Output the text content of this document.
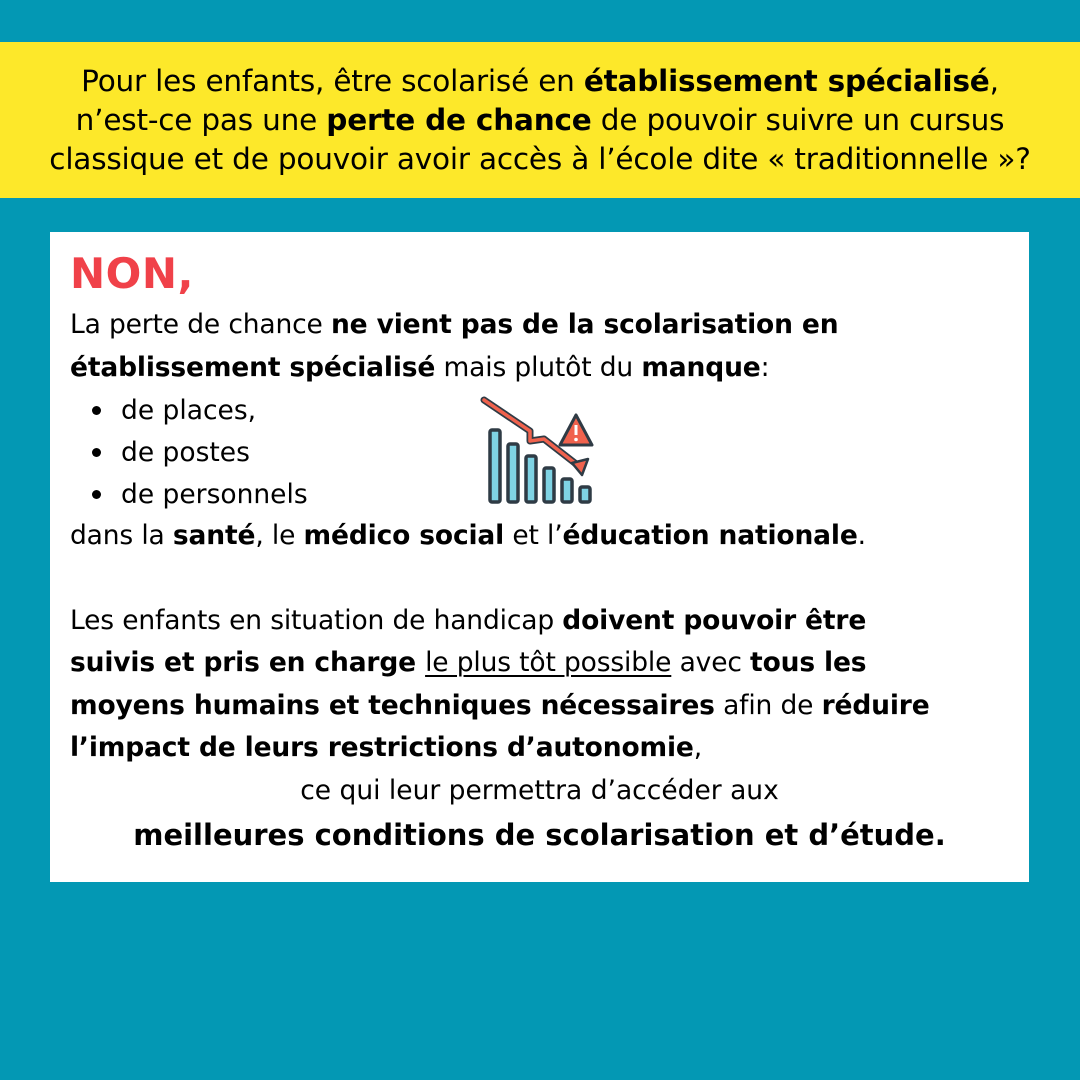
Pour les enfants, être scolarisé en établissement spécialisé,
n’est-ce pas une perte de chance de pouvoir suivre un cursus
classique et de pouvoir avoir accès à l’école dite « traditionnelle »?

NON,

La perte de chance ne vient pas de la scolarisation en
établissement spécialisé mais plutôt du manque:

de places,
de postes
de personnels

dans la santé, le médico social et l’éducation nationale.

Les enfants en situation de handicap doivent pouvoir être
suivis et pris en charge le plus tôt possible avec tous les
moyens humains et techniques nécessaires afin de réduire
l’impact de leurs restrictions d’autonomie,

ce qui leur permettra d’accéder aux

meilleures conditions de scolarisation et d’étude.
